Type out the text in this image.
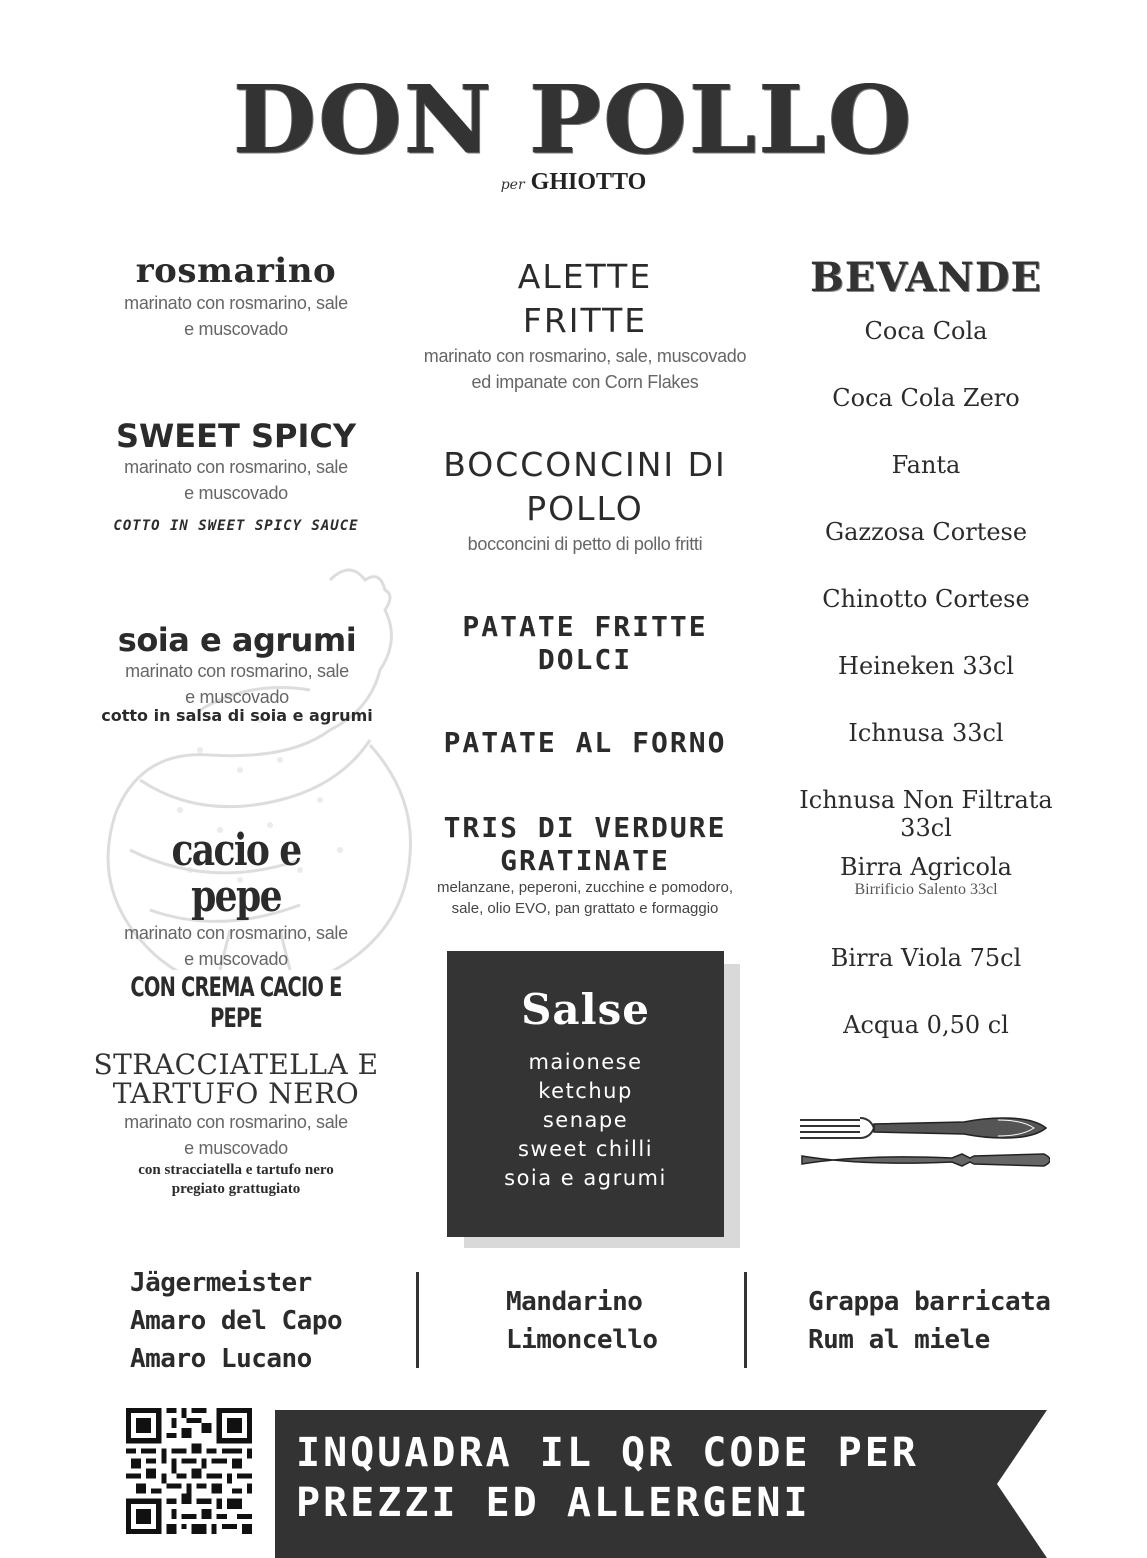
DON POLLO
per GHIOTTO
rosmarino
marinato con rosmarino, sale
e muscovado
SWEET SPICY
marinato con rosmarino, sale
e muscovado
COTTO IN SWEET SPICY SAUCE
soia e agrumi
marinato con rosmarino, sale
e muscovado
cotto in salsa di soia e agrumi
cacio e pepe
marinato con rosmarino, sale
e muscovado
CON CREMA CACIO E PEPE
STRACCIATELLA E
TARTUFO NERO
marinato con rosmarino, sale
e muscovado
con stracciatella e tartufo nero
pregiato grattugiato
ALETTE
FRITTE
marinato con rosmarino, sale, muscovado
ed impanate con Corn Flakes
BOCCONCINI DI
POLLO
bocconcini di petto di pollo fritti
PATATE FRITTE
DOLCI
PATATE AL FORNO
TRIS DI VERDURE
GRATINATE
melanzane, peperoni, zucchine e pomodoro,
sale, olio EVO, pan grattato e formaggio
Salse
maionese
ketchup
senape
sweet chilli
soia e agrumi
BEVANDE
Coca Cola
Coca Cola Zero
Fanta
Gazzosa Cortese
Chinotto Cortese
Heineken 33cl
Ichnusa 33cl
Ichnusa Non Filtrata 33cl
Birra Agricola
Birrificio Salento 33cl
Birra Viola 75cl
Acqua 0,50 cl
Jägermeister
Amaro del Capo
Amaro Lucano
Mandarino
Limoncello
Grappa barricata
Rum al miele
INQUADRA IL QR CODE PER
PREZZI ED ALLERGENI
